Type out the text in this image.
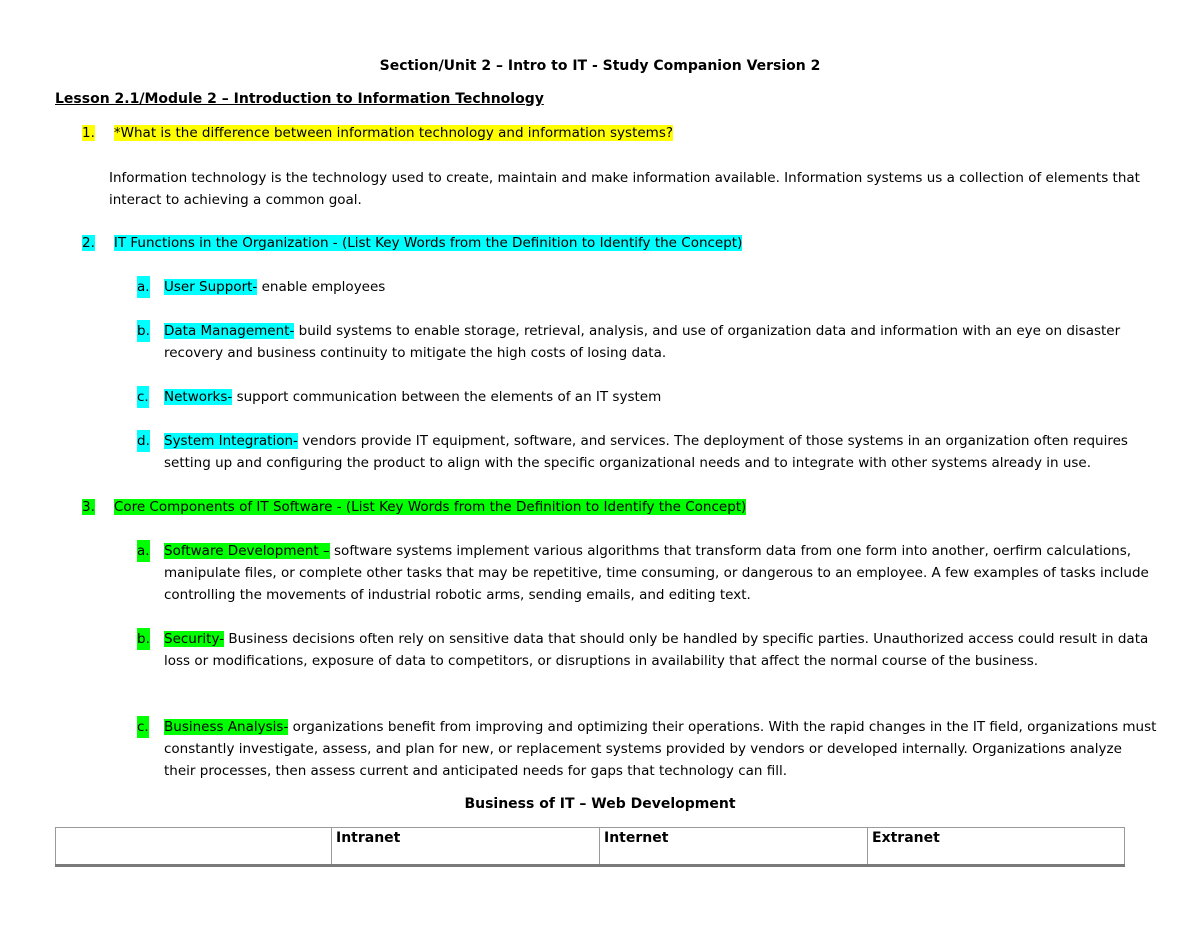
Section/Unit 2 – Intro to IT - Study Companion Version 2
Lesson 2.1/Module 2 – Introduction to Information Technology
1. *What is the difference between information technology and information systems?
Information technology is the technology used to create, maintain and make information available. Information systems us a collection of elements that interact to achieving a common goal.
2. IT Functions in the Organization - (List Key Words from the Definition to Identify the Concept)
a.	User Support- enable employees
b.	Data Management- build systems to enable storage, retrieval, analysis, and use of organization data and information with an eye on disaster recovery and business continuity to mitigate the high costs of losing data.
c.	Networks- support communication between the elements of an IT system
d.	System Integration- vendors provide IT equipment, software, and services. The deployment of those systems in an organization often requires setting up and configuring the product to align with the specific organizational needs and to integrate with other systems already in use.
3. Core Components of IT Software - (List Key Words from the Definition to Identify the Concept)
a.	Software Development – software systems implement various algorithms that transform data from one form into another, oerfirm calculations, manipulate files, or complete other tasks that may be repetitive, time consuming, or dangerous to an employee. A few examples of tasks include controlling the movements of industrial robotic arms, sending emails, and editing text.
b.	Security- Business decisions often rely on sensitive data that should only be handled by specific parties. Unauthorized access could result in data loss or modifications, exposure of data to competitors, or disruptions in availability that affect the normal course of the business.
c.	Business Analysis- organizations benefit from improving and optimizing their operations. With the rapid changes in the IT field, organizations must constantly investigate, assess, and plan for new, or replacement systems provided by vendors or developed internally. Organizations analyze their processes, then assess current and anticipated needs for gaps that technology can fill.
Business of IT – Web Development
	Intranet	Internet	Extranet
